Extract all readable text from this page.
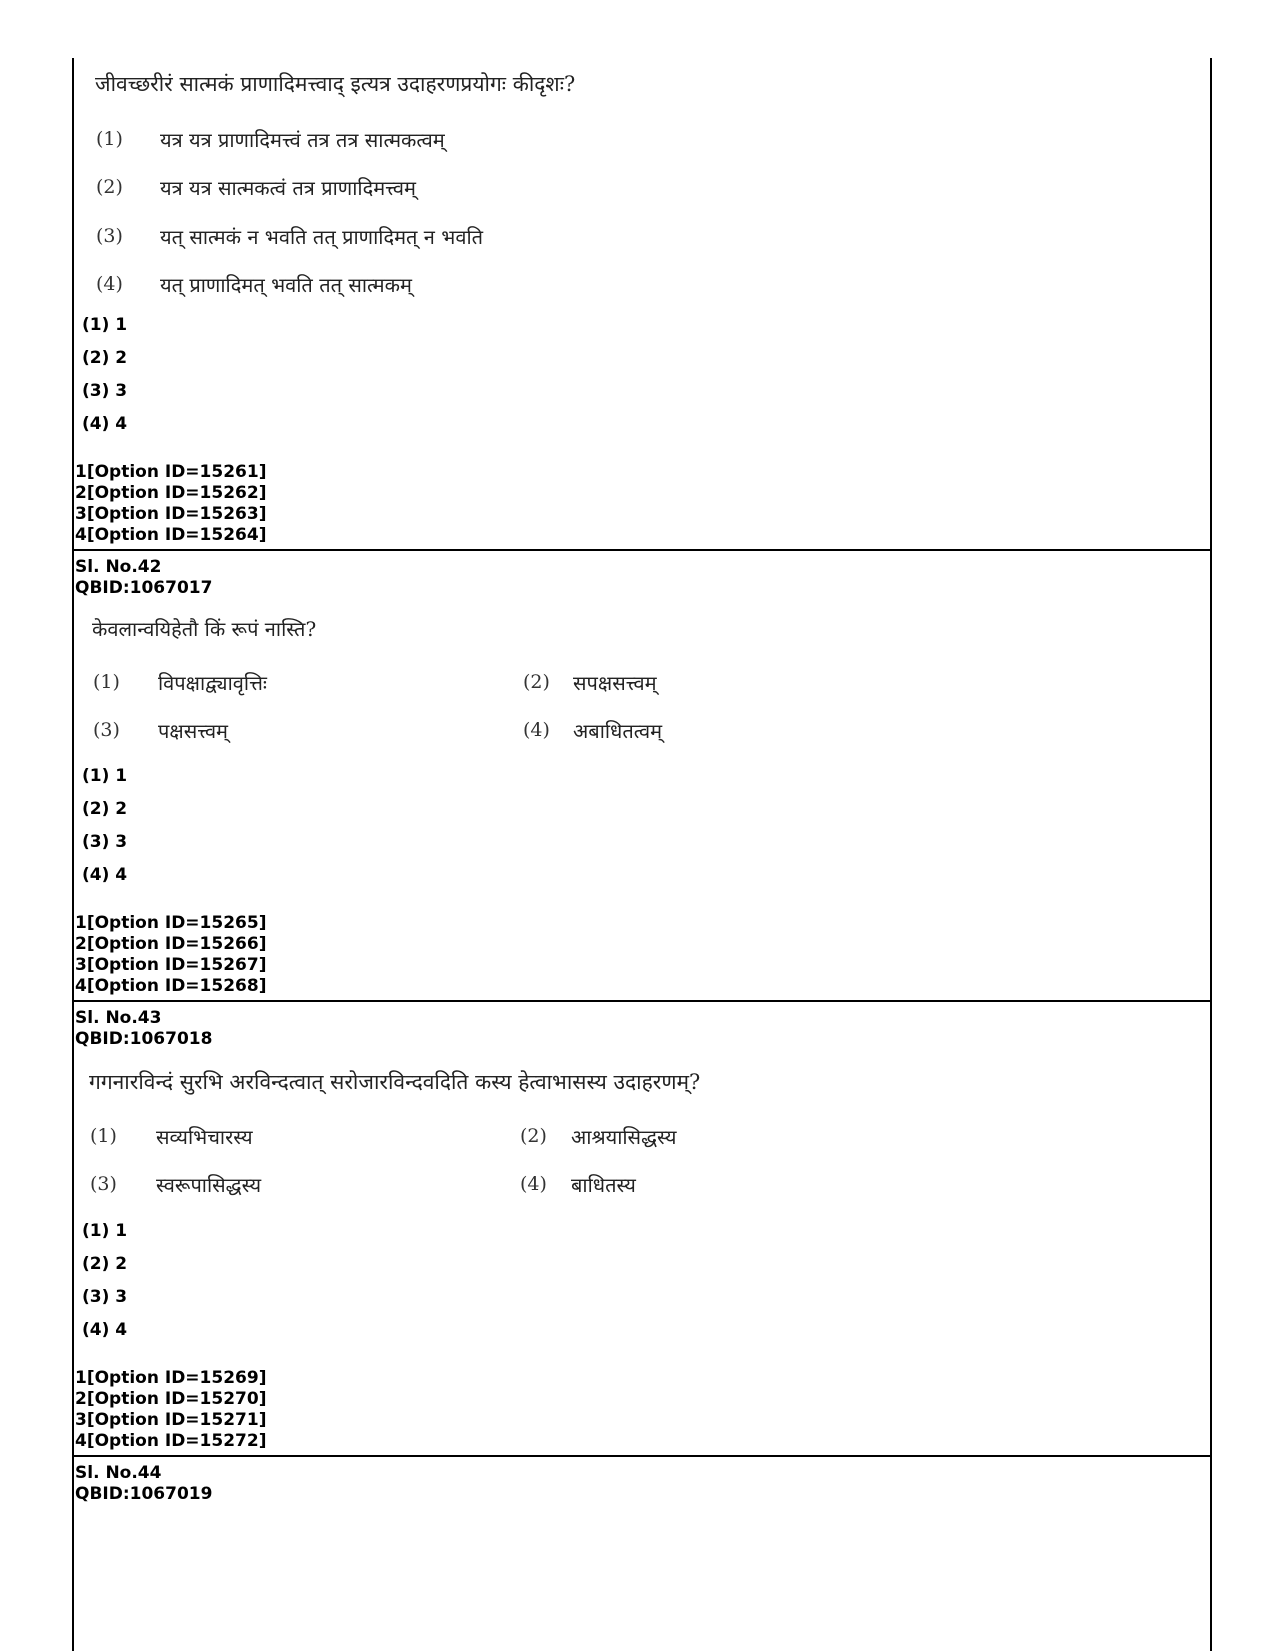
जीवच्छरीरं सात्मकं प्राणादिमत्त्वाद् इत्यत्र उदाहरणप्रयोगः कीदृशः?
(1) यत्र यत्र प्राणादिमत्त्वं तत्र तत्र सात्मकत्वम्
(2) यत्र यत्र सात्मकत्वं तत्र प्राणादिमत्त्वम्
(3) यत् सात्मकं न भवति तत् प्राणादिमत् न भवति
(4) यत् प्राणादिमत् भवति तत् सात्मकम्
(1) 1
(2) 2
(3) 3
(4) 4
1[Option ID=15261]
2[Option ID=15262]
3[Option ID=15263]
4[Option ID=15264]
Sl. No.42
QBID:1067017
केवलान्वयिहेतौ किं रूपं नास्ति?
(1) विपक्षाद्व्यावृत्तिः	(2) सपक्षसत्त्वम्
(3) पक्षसत्त्वम्	(4) अबाधितत्वम्
(1) 1
(2) 2
(3) 3
(4) 4
1[Option ID=15265]
2[Option ID=15266]
3[Option ID=15267]
4[Option ID=15268]
Sl. No.43
QBID:1067018
गगनारविन्दं सुरभि अरविन्दत्वात् सरोजारविन्दवदिति कस्य हेत्वाभासस्य उदाहरणम्?
(1) सव्यभिचारस्य	(2) आश्रयासिद्धस्य
(3) स्वरूपासिद्धस्य	(4) बाधितस्य
(1) 1
(2) 2
(3) 3
(4) 4
1[Option ID=15269]
2[Option ID=15270]
3[Option ID=15271]
4[Option ID=15272]
Sl. No.44
QBID:1067019
